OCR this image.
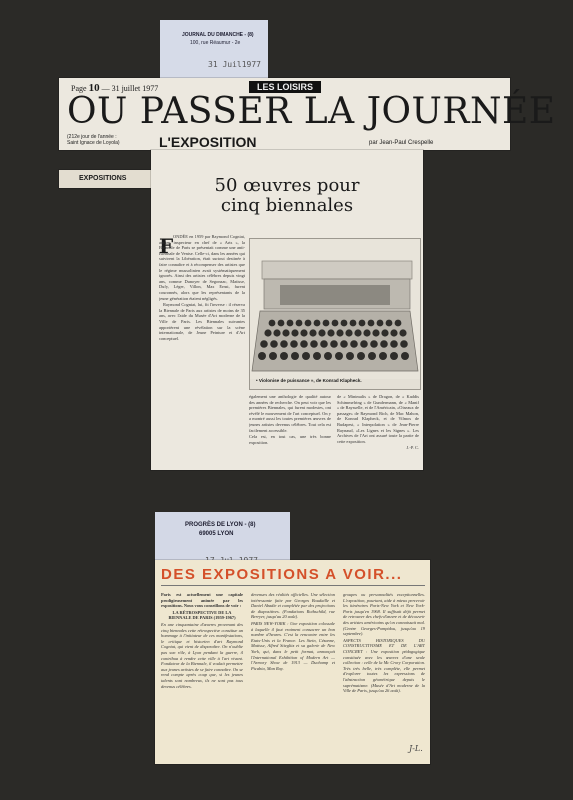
JOURNAL DU DIMANCHE - (8)
100, rue Réaumur - 2e
31 Juil1977
Page 10 — 31 juillet 1977	LES LOISIRS
OU PASSER LA JOURNÉE
(212e jour de l'année :
Saint Ignace de Loyola)	L'EXPOSITION	par Jean-Paul Crespelle
EXPOSITIONS	50 œuvres pour
cinq biennales
F ONDÉE en 1959 par Raymond Cogniat, ancien inspecteur en chef de « Arts », la Biennale de Paris se présentait comme une anti-Biennale de Venise. Celle-ci, dans les années qui suivirent la Libération, était surtout destinée à faire connaître et à récompenser des artistes que le régime mussolinien avait systématiquement ignorés. Ainsi des artistes célèbres depuis vingt ans, comme Dunoyer de Segonzac, Matisse, Dufy, Léger, Villon, Max Ernst, furent couronnés, alors que les représentants de la jeune génération étaient négligés.

Raymond Cogniat, lui, fit l'inverse : il réserva la Biennale de Paris aux artistes de moins de 35 ans, avec l'aide du Musée d'Art moderne de la Ville de Paris. Les Biennales suivantes apportèrent une révélation sur la scène internationale, de Jeune Peinture et d'Art conceptuel.

• Violonise de puissance », de Konrad Klapheck.

également une anthologie de qualité autour des années de recherche. On peut voir que les premières Biennales, qui furent modestes, ont révélé le mouvement de l'art conceptuel. On y a montré aussi les toutes premières œuvres de jeunes artistes devenus célèbres. Tout cela est facilement accessible.

Cela est, en tout cas, une très bonne exposition.

de « Minimalis » de Dragon, de « Kaddis Schimmelring » de Gundermann, de « Manif » de Raysselle, et de l'Américain, «Oiseaux de passage» de Raymond Rich, de Mac Mahon, de Konrad Klapheck, et de Vilmos de Budapest, « Interpolation » de Jean-Pierre Raynaud, «Les Lignes et les Signes ». Les Archives de l'Art ont assuré toute la partie de cette exposition.

J.-P. C.

PROGRÈS DE LYON - (8)
69005 LYON
DES EXPOSITIONS A VOIR...

Paris est actuellement une capitale prodigieusement animée par les expositions. Nous vous conseillons de voir :

LA RÉTROSPECTIVE DE LA BIENNALE DE PARIS (1959-1967)

En une cinquantaine d'œuvres provenant des cinq biennales cette rétrospective constitue un hommage à l'initiateur de ces manifestations, le critique et historien d'art Raymond Cogniat, qui vient de disparaître. On n'oublie pas son rôle, à Lyon pendant la guerre, il contribua à rendre cette ville à l'art vivant. Fondateur de la Biennale, il voulait permettre aux jeunes artistes de se faire connaître. On se rend compte après coup que, si les jeunes talents sont nombreux, ils ne sont pas tous devenus célèbres.

devenues des réalités officielles. Une sélection intéressante faite par Georges Boudaille et Daniel Abadie et complétée par des projections de diapositives. (Fondations Rothschild, rue Berryer, jusqu'au 20 août).

PARIS NEW-YORK : Une exposition colossale à laquelle il faut vraiment consacrer un bon nombre d'heures. C'est la rencontre entre les Etats-Unis et la France. Les Stein, Cézanne, Matisse, Alfred Stieglitz et sa galerie de New York, qui, dans le petit format, annonçait l'International Exhibition of Modern Art — l'Armory Show de 1913 — Duchamp et Picabia, Man Ray.

groupes ou personnalités exceptionnelles. L'exposition, pourtant, aide à mieux percevoir les itinéraires Paris-New York et New York-Paris jusqu'en 1968. Il suffisait déjà permet de retrouver des chefs-d'œuvre et de découvrir des artistes américains qu'on connaissait mal. (Centre Georges-Pompidou, jusqu'au 19 septembre).

ASPECTS HISTORIQUES DU CONSTRUCTIVISME ET DE L'ART CONCRET : Une exposition pédagogique constituée avec les œuvres d'une seule collection : celle de la Mc Crory Corporation. Très très belle, très complète, elle permet d'explorer toutes les expressions de l'abstraction géométrique depuis le suprématisme. (Musée d'Art moderne de la Ville de Paris, jusqu'au 26 août).

J-L.
